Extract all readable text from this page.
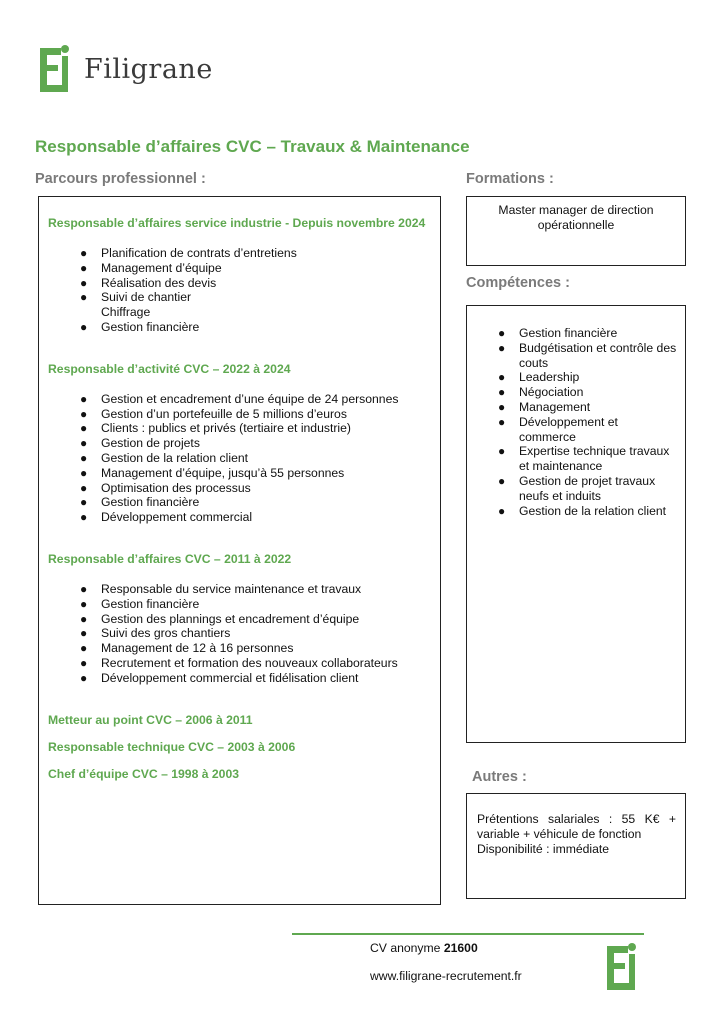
Filigrane
Responsable d’affaires CVC – Travaux & Maintenance
Parcours professionnel :	Formations :
Compétences :
Autres :

Responsable d’affaires service industrie - Depuis novembre 2024

● Planification de contrats d’entretiens
● Management d’équipe
● Réalisation des devis
● Suivi de chantier
Chiffrage
● Gestion financière

Responsable d’activité CVC – 2022 à 2024

● Gestion et encadrement d’une équipe de 24 personnes
● Gestion d’un portefeuille de 5 millions d’euros
● Clients : publics et privés (tertiaire et industrie)
● Gestion de projets
● Gestion de la relation client
● Management d’équipe, jusqu’à 55 personnes
● Optimisation des processus
● Gestion financière
● Développement commercial

Responsable d’affaires CVC – 2011 à 2022

● Responsable du service maintenance et travaux
● Gestion financière
● Gestion des plannings et encadrement d’équipe
● Suivi des gros chantiers
● Management de 12 à 16 personnes
● Recrutement et formation des nouveaux collaborateurs
● Développement commercial et fidélisation client

Metteur au point CVC – 2006 à 2011

Responsable technique CVC – 2003 à 2006

Chef d’équipe CVC – 1998 à 2003

Master manager de direction
opérationnelle
● Gestion financière
● Budgétisation et contrôle des
couts
● Leadership
● Négociation
● Management
● Développement et
commerce
● Expertise technique travaux
et maintenance
● Gestion de projet travaux
neufs et induits
● Gestion de la relation client
Prétentions salariales : 55 K€ +
variable + véhicule de fonction
Disponibilité : immédiate
CV anonyme 21600
www.filigrane-recrutement.fr
